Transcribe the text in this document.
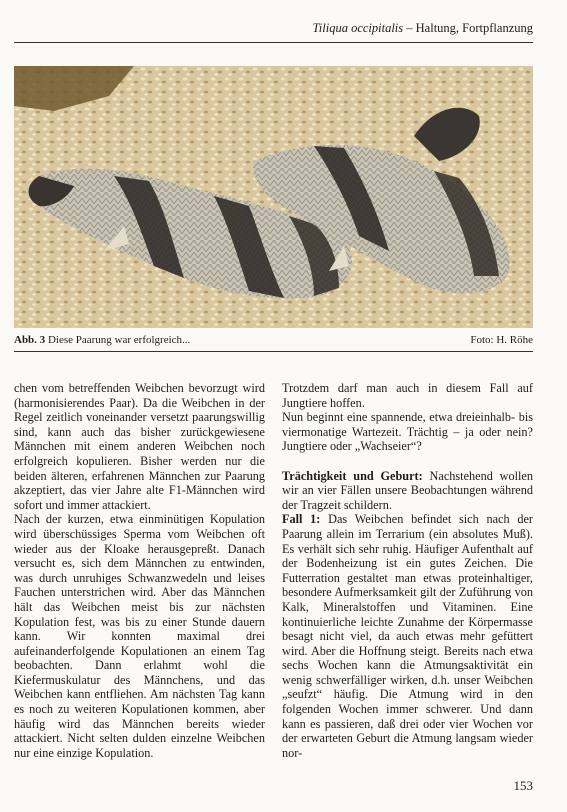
Tiliqua occipitalis – Haltung, Fortpflanzung
Abb. 3 Diese Paarung war erfolgreich...	Foto: H. Röhe

chen vom betreffenden Weibchen bevorzugt wird (harmonisierendes Paar). Da die Weibchen in der Regel zeitlich voneinander versetzt paarungswillig sind, kann auch das bisher zurückgewiesene Männchen mit einem anderen Weibchen noch erfolgreich kopulieren. Bisher werden nur die beiden älteren, erfahrenen Männchen zur Paarung akzeptiert, das vier Jahre alte F1-Männchen wird sofort und immer attackiert.

Nach der kurzen, etwa einminütigen Kopulation wird überschüssiges Sperma vom Weibchen oft wieder aus der Kloake herausgepreßt. Danach versucht es, sich dem Männchen zu entwinden, was durch unruhiges Schwanzwedeln und leises Fauchen unterstrichen wird. Aber das Männchen hält das Weibchen meist bis zur nächsten Kopulation fest, was bis zu einer Stunde dauern kann. Wir konnten maximal drei aufeinanderfolgende Kopulationen an einem Tag beobachten. Dann erlahmt wohl die Kiefermuskulatur des Männchens, und das Weibchen kann entfliehen. Am nächsten Tag kann es noch zu weiteren Kopulationen kommen, aber häufig wird das Männchen bereits wieder attackiert. Nicht selten dulden einzelne Weibchen nur eine einzige Kopulation.

Trotzdem darf man auch in diesem Fall auf Jungtiere hoffen.

Nun beginnt eine spannende, etwa dreieinhalb- bis viermonatige Wartezeit. Trächtig – ja oder nein? Jungtiere oder „Wachseier“?

Trächtigkeit und Geburt: Nachstehend wollen wir an vier Fällen unsere Beobachtungen während der Tragzeit schildern.

Fall 1: Das Weibchen befindet sich nach der Paarung allein im Terrarium (ein absolutes Muß). Es verhält sich sehr ruhig. Häufiger Aufenthalt auf der Bodenheizung ist ein gutes Zeichen. Die Futterration gestaltet man etwas proteinhaltiger, besondere Aufmerksamkeit gilt der Zuführung von Kalk, Mineralstoffen und Vitaminen. Eine kontinuierliche leichte Zunahme der Körpermasse besagt nicht viel, da auch etwas mehr gefüttert wird. Aber die Hoffnung steigt. Bereits nach etwa sechs Wochen kann die Atmungsaktivität ein wenig schwerfälliger wirken, d.h. unser Weibchen „seufzt“ häufig. Die Atmung wird in den folgenden Wochen immer schwerer. Und dann kann es passieren, daß drei oder vier Wochen vor der erwarteten Geburt die Atmung langsam wieder nor-

153
